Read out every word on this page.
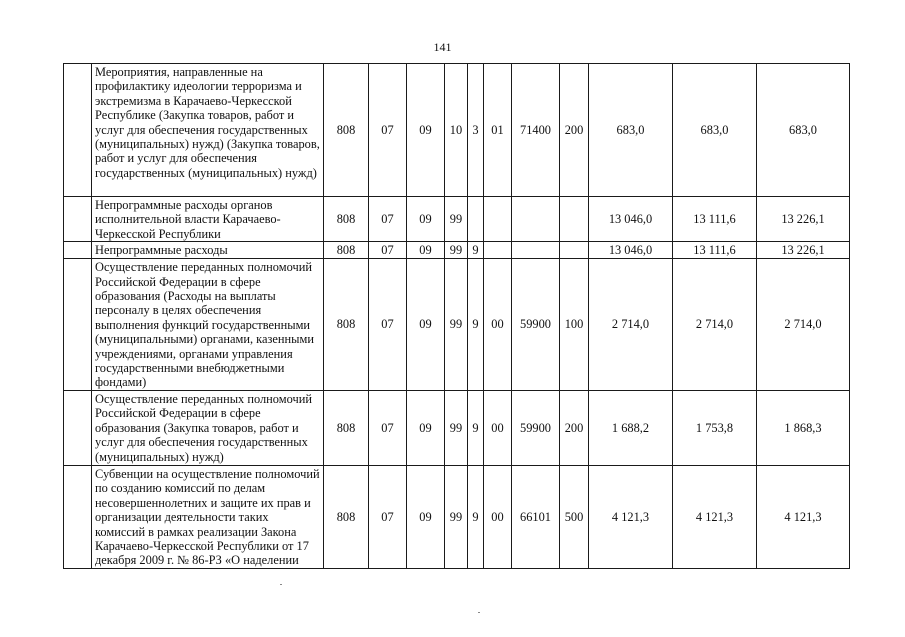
141
	Мероприятия, направленные на профилактику идеологии терроризма и экстремизма в Карачаево-Черкесской Республике (Закупка товаров, работ и услуг для обеспечения государственных (муниципальных) нужд) (Закупка товаров, работ и услуг для обеспечения государственных (муниципальных) нужд)	808	07	09	10	3	01	71400	200	683,0	683,0	683,0
	Непрограммные расходы органов исполнительной власти Карачаево-Черкесской Республики	808	07	09	99					13 046,0	13 111,6	13 226,1
	Непрограммные расходы	808	07	09	99	9				13 046,0	13 111,6	13 226,1
	Осуществление переданных полномочий Российской Федерации в сфере образования (Расходы на выплаты персоналу в целях обеспечения выполнения функций государственными (муниципальными) органами, казенными учреждениями, органами управления государственными внебюджетными фондами)	808	07	09	99	9	00	59900	100	2 714,0	2 714,0	2 714,0
	Осуществление переданных полномочий Российской Федерации в сфере образования (Закупка товаров, работ и услуг для обеспечения государственных (муниципальных) нужд)	808	07	09	99	9	00	59900	200	1 688,2	1 753,8	1 868,3
	Субвенции на осуществление полномочий по созданию комиссий по делам несовершеннолетних и защите их прав и организации деятельности таких комиссий в рамках реализации Закона Карачаево-Черкесской Республики от 17 декабря 2009 г. № 86-РЗ «О наделении	808	07	09	99	9	00	66101	500	4 121,3	4 121,3	4 121,3
